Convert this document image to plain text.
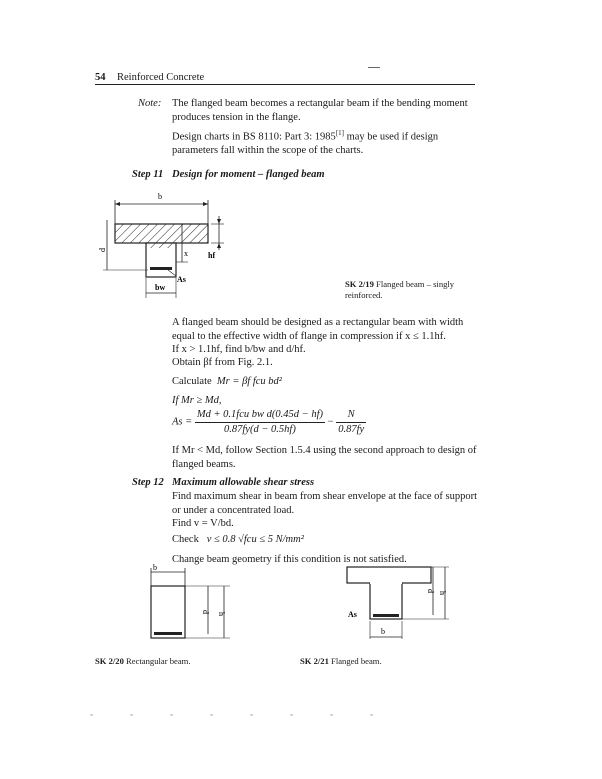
54 Reinforced Concrete
Note: The flanged beam becomes a rectangular beam if the bending moment produces tension in the flange.
Design charts in BS 8110: Part 3: 1985[1] may be used if design parameters fall within the scope of the charts.
Step 11 Design for moment – flanged beam
b
d	x	hf
As
bw	SK 2/19 Flanged beam – singly reinforced.
A flanged beam should be designed as a rectangular beam with width equal to the effective width of flange in compression if x ≤ 1.1hf.
If x > 1.1hf, find b/bw and d/hf.
Obtain βf from Fig. 2.1.
Calculate Mr = βf fcu bd²
If Mr ≥ Md,
$As = \frac{\text{Md + 0.1fcu bw d(0.45d − hf)}}{0.87fy(d - 0.5hf)} - \frac{N}{0.87fy}$
If Mr < Md, follow Section 1.5.4 using the second approach to design of flanged beams.
Step 12 Maximum allowable shear stress
Find maximum shear in beam from shear envelope at the face of support or under a concentrated load.
Find v = V/bd.
Check v ≤ 0.8 √fcu ≤ 5 N/mm²
Change beam geometry if this condition is not satisfied.
b
d h
SK 2/20 Rectangular beam.
As
d h
b
SK 2/21 Flanged beam.
